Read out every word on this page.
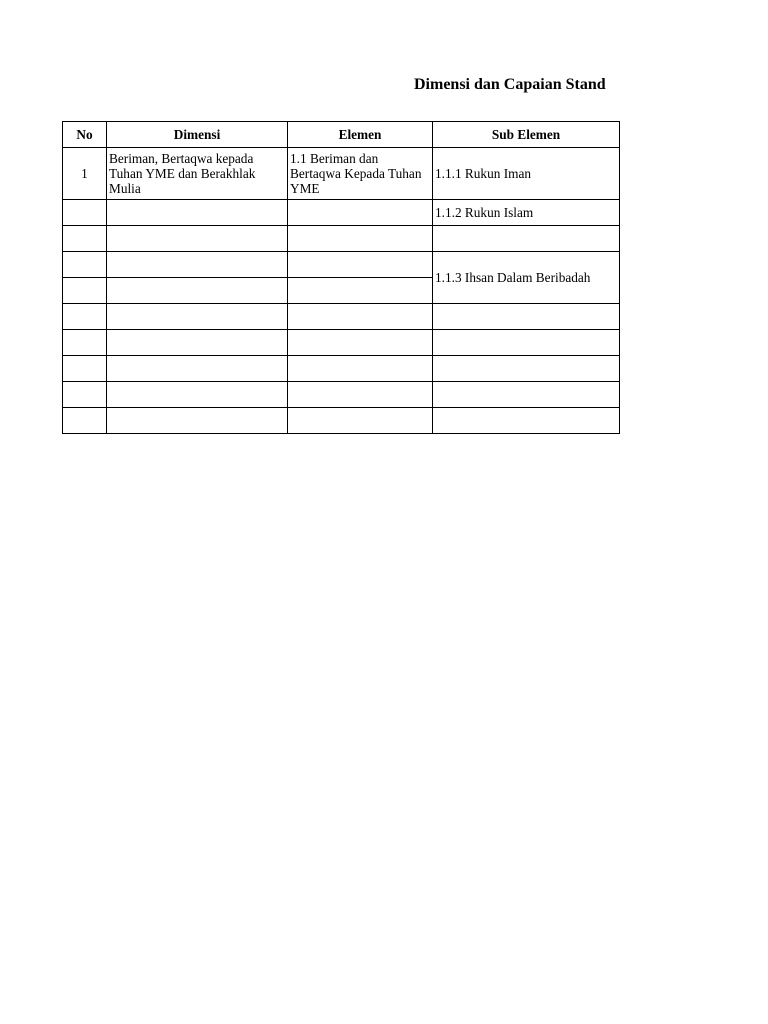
Dimensi dan Capaian Stand
No	Dimensi	Elemen	Sub Elemen
1	Beriman, Bertaqwa kepada Tuhan YME dan Berakhlak Mulia	1.1 Beriman dan Bertaqwa Kepada Tuhan YME	1.1.1 Rukun Iman
			1.1.2 Rukun Islam

			1.1.3 Ihsan Dalam Beribadah
